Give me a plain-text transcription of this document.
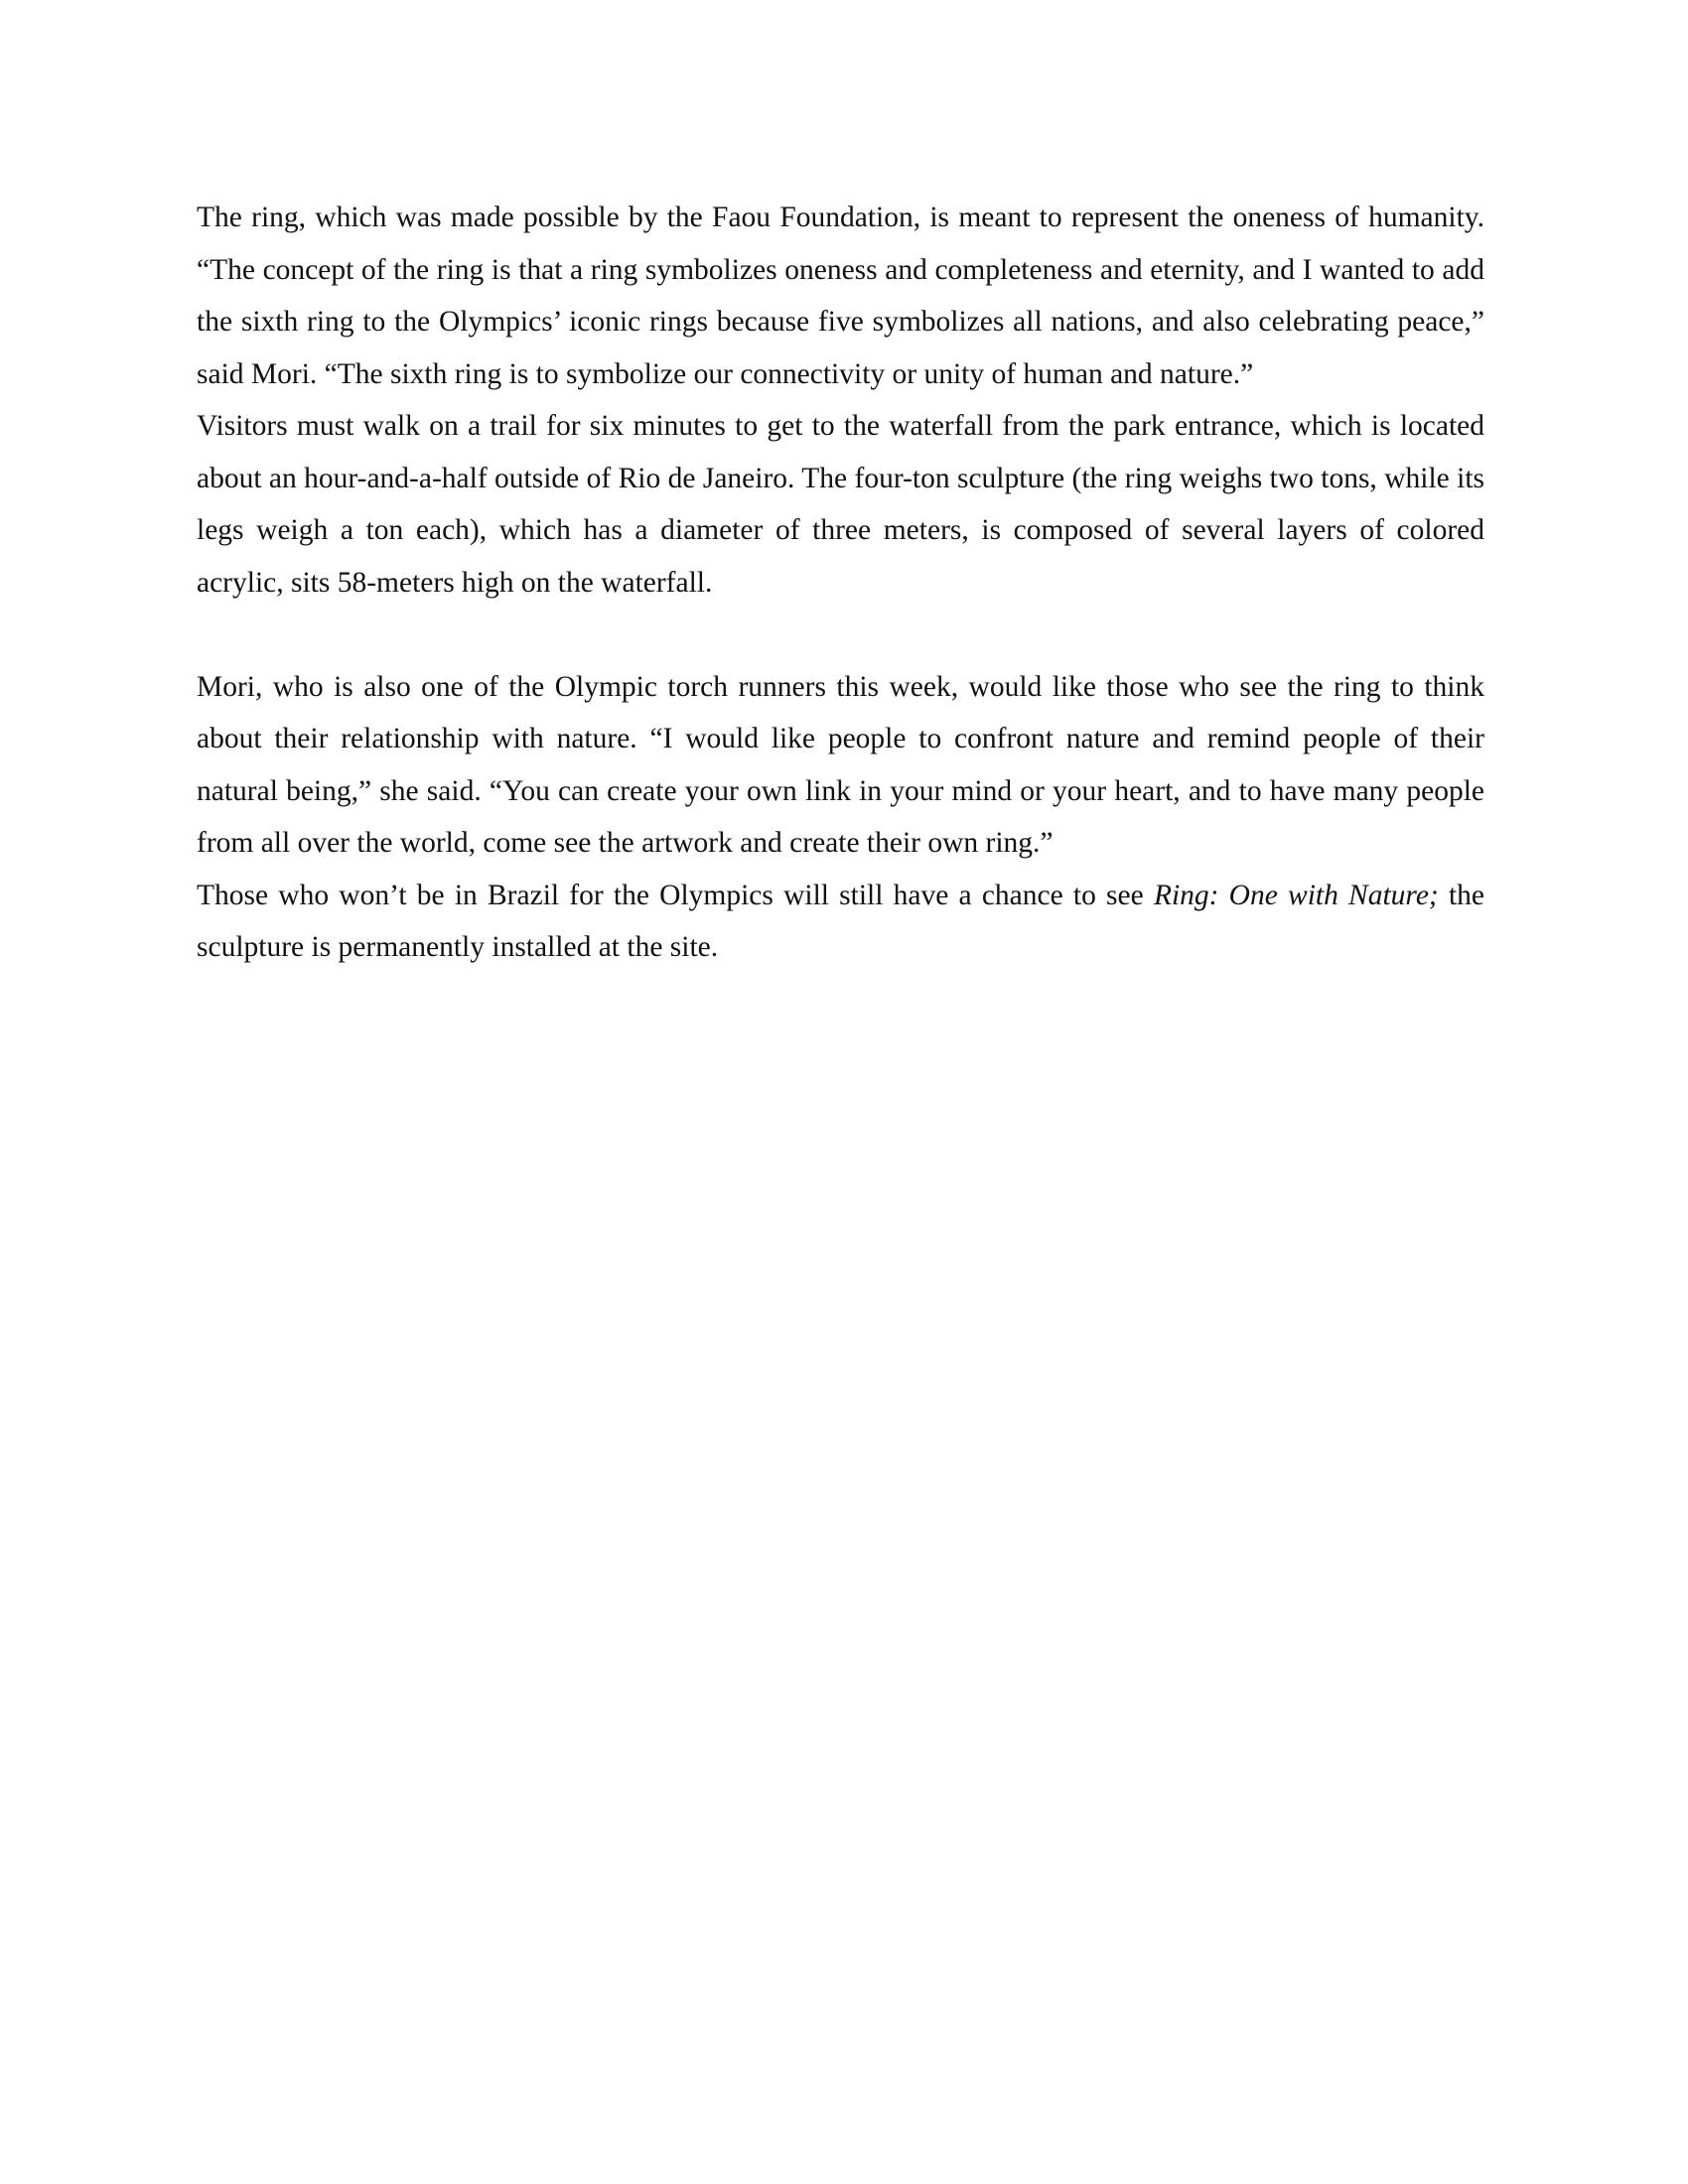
The ring, which was made possible by the Faou Foundation, is meant to represent the oneness of humanity. “The concept of the ring is that a ring symbolizes oneness and completeness and eternity, and I wanted to add the sixth ring to the Olympics’ iconic rings because five symbolizes all nations, and also celebrating peace,” said Mori. “The sixth ring is to symbolize our connectivity or unity of human and nature.”

Visitors must walk on a trail for six minutes to get to the waterfall from the park entrance, which is located about an hour-and-a-half outside of Rio de Janeiro. The four-ton sculpture (the ring weighs two tons, while its legs weigh a ton each), which has a diameter of three meters, is composed of several layers of colored acrylic, sits 58-meters high on the waterfall.

Mori, who is also one of the Olympic torch runners this week, would like those who see the ring to think about their relationship with nature. “I would like people to confront nature and remind people of their natural being,” she said. “You can create your own link in your mind or your heart, and to have many people from all over the world, come see the artwork and create their own ring.”

Those who won’t be in Brazil for the Olympics will still have a chance to see Ring: One with Nature; the sculpture is permanently installed at the site.
